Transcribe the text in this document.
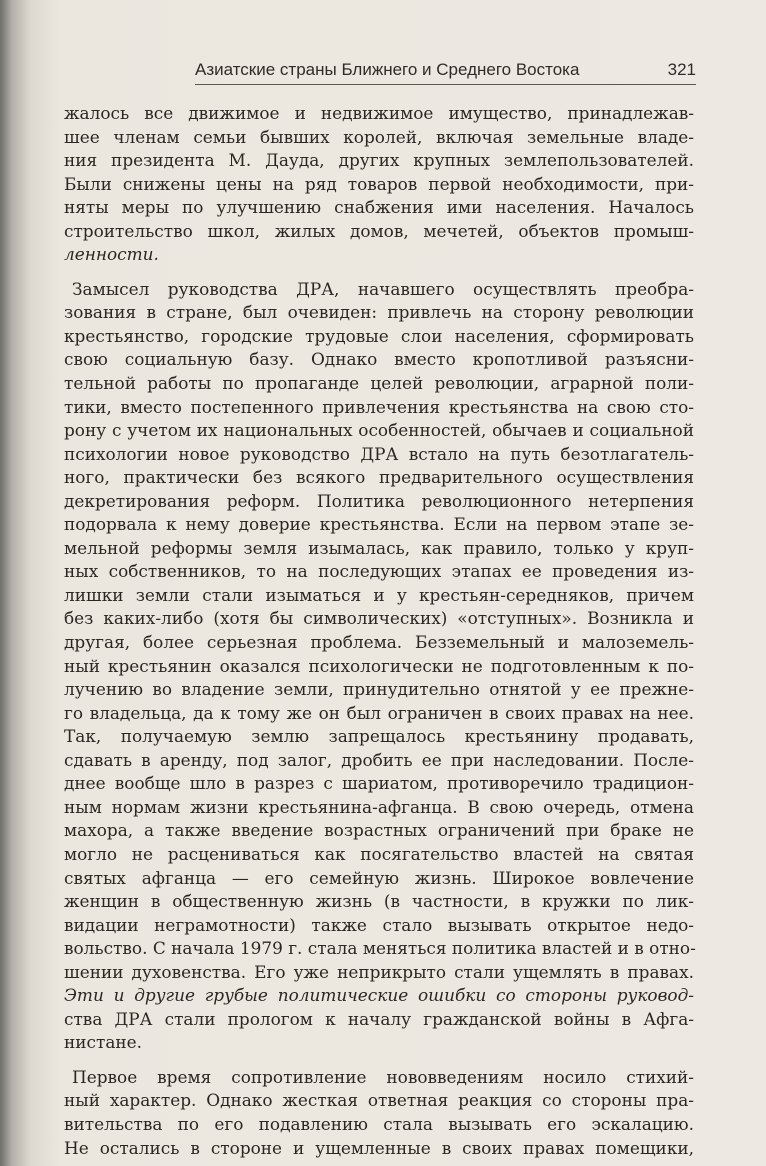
Азиатские страны Ближнего и Среднего Востока	321
жалось все движимое и недвижимое имущество, принадлежав-
шее членам семьи бывших королей, включая земельные владе-
ния президента М. Дауда, других крупных землепользователей.
Были снижены цены на ряд товаров первой необходимости, при-
няты меры по улучшению снабжения ими населения. Началось
строительство школ, жилых домов, мечетей, объектов промыш-
ленности.
Замысел руководства ДРА, начавшего осуществлять преобра-
зования в стране, был очевиден: привлечь на сторону революции
крестьянство, городские трудовые слои населения, сформировать
свою социальную базу. Однако вместо кропотливой разъясни-
тельной работы по пропаганде целей революции, аграрной поли-
тики, вместо постепенного привлечения крестьянства на свою сто-
рону с учетом их национальных особенностей, обычаев и социальной
психологии новое руководство ДРА встало на путь безотлагатель-
ного, практически без всякого предварительного осуществления
декретирования реформ. Политика революционного нетерпения
подорвала к нему доверие крестьянства. Если на первом этапе зе-
мельной реформы земля изымалась, как правило, только у круп-
ных собственников, то на последующих этапах ее проведения из-
лишки земли стали изыматься и у крестьян-середняков, причем
без каких-либо (хотя бы символических) «отступных». Возникла и
другая, более серьезная проблема. Безземельный и малоземель-
ный крестьянин оказался психологически не подготовленным к по-
лучению во владение земли, принудительно отнятой у ее прежне-
го владельца, да к тому же он был ограничен в своих правах на нее.
Так, получаемую землю запрещалось крестьянину продавать,
сдавать в аренду, под залог, дробить ее при наследовании. После-
днее вообще шло в разрез с шариатом, противоречило традицион-
ным нормам жизни крестьянина-афганца. В свою очередь, отмена
махора, а также введение возрастных ограничений при браке не
могло не расцениваться как посягательство властей на святая
святых афганца — его семейную жизнь. Широкое вовлечение
женщин в общественную жизнь (в частности, в кружки по лик-
видации неграмотности) также стало вызывать открытое недо-
вольство. С начала 1979 г. стала меняться политика властей и в отно-
шении духовенства. Его уже неприкрыто стали ущемлять в правах.
Эти и другие грубые политические ошибки со стороны руковод-
ства ДРА стали прологом к началу гражданской войны в Афга-
нистане.
Первое время сопротивление нововведениям носило стихий-
ный характер. Однако жесткая ответная реакция со стороны пра-
вительства по его подавлению стала вызывать его эскалацию.
Не остались в стороне и ущемленные в своих правах помещики,
